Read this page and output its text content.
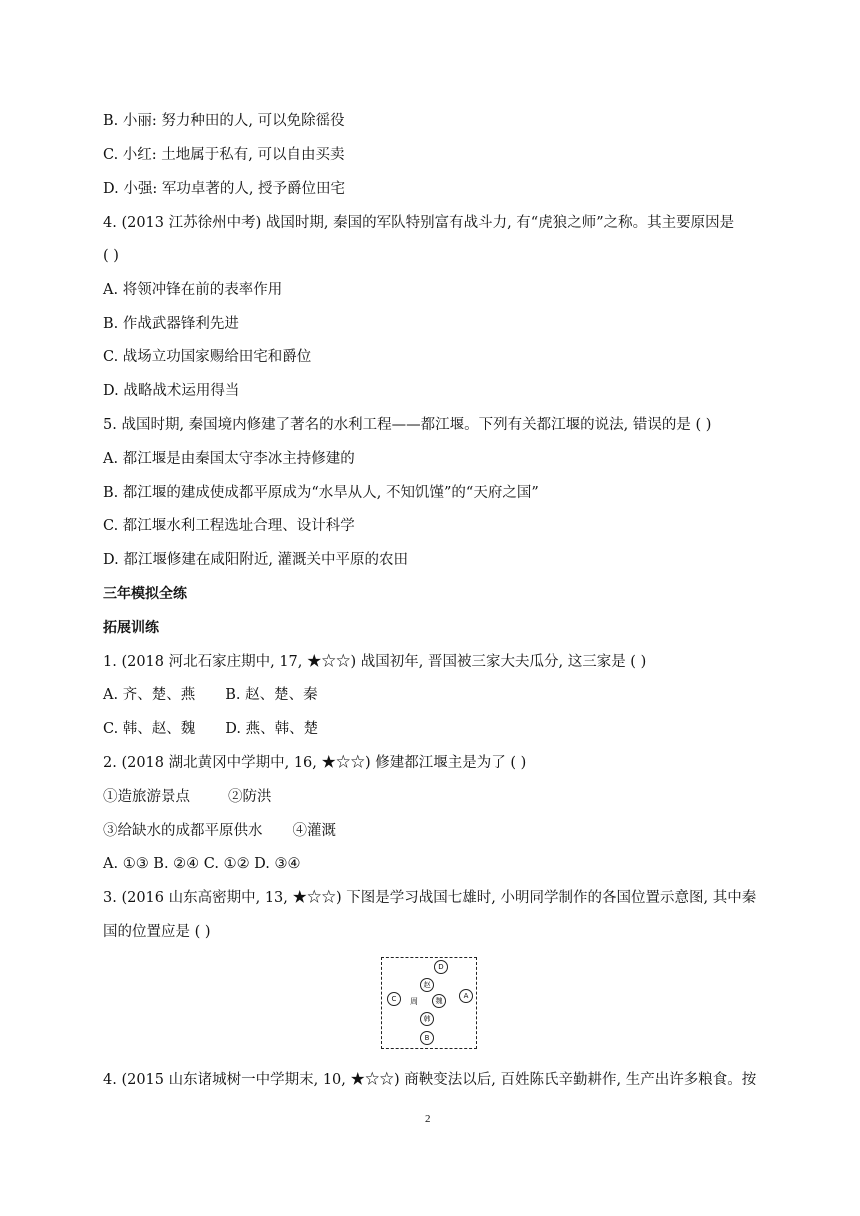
B. 小丽: 努力种田的人, 可以免除徭役
C. 小红: 土地属于私有, 可以自由买卖
D. 小强: 军功卓著的人, 授予爵位田宅
4. (2013 江苏徐州中考) 战国时期, 秦国的军队特别富有战斗力, 有“虎狼之师”之称。其主要原因是
( )
A. 将领冲锋在前的表率作用
B. 作战武器锋利先进
C. 战场立功国家赐给田宅和爵位
D. 战略战术运用得当
5. 战国时期, 秦国境内修建了著名的水利工程——都江堰。下列有关都江堰的说法, 错误的是 ( )
A. 都江堰是由秦国太守李冰主持修建的
B. 都江堰的建成使成都平原成为“水旱从人, 不知饥馑”的“天府之国”
C. 都江堰水利工程选址合理、设计科学
D. 都江堰修建在咸阳附近, 灌溉关中平原的农田
三年模拟全练
拓展训练
1. (2018 河北石家庄期中, 17, ★☆☆) 战国初年, 晋国被三家大夫瓜分, 这三家是 ( )
A. 齐、楚、燕 B. 赵、楚、秦
C. 韩、赵、魏 D. 燕、韩、楚
2. (2018 湖北黄冈中学期中, 16, ★☆☆) 修建都江堰主是为了 ( )
①造旅游景点	②防洪
③给缺水的成都平原供水 ④灌溉
A. ①③ B. ②④ C. ①② D. ③④
3. (2016 山东高密期中, 13, ★☆☆) 下图是学习战国七雄时, 小明同学制作的各国位置示意图, 其中秦
国的位置应是 ( )
D
赵
C	周	魏
A
韩
B
4. (2015 山东诸城树一中学期末, 10, ★☆☆) 商鞅变法以后, 百姓陈氏辛勤耕作, 生产出许多粮食。按
2
